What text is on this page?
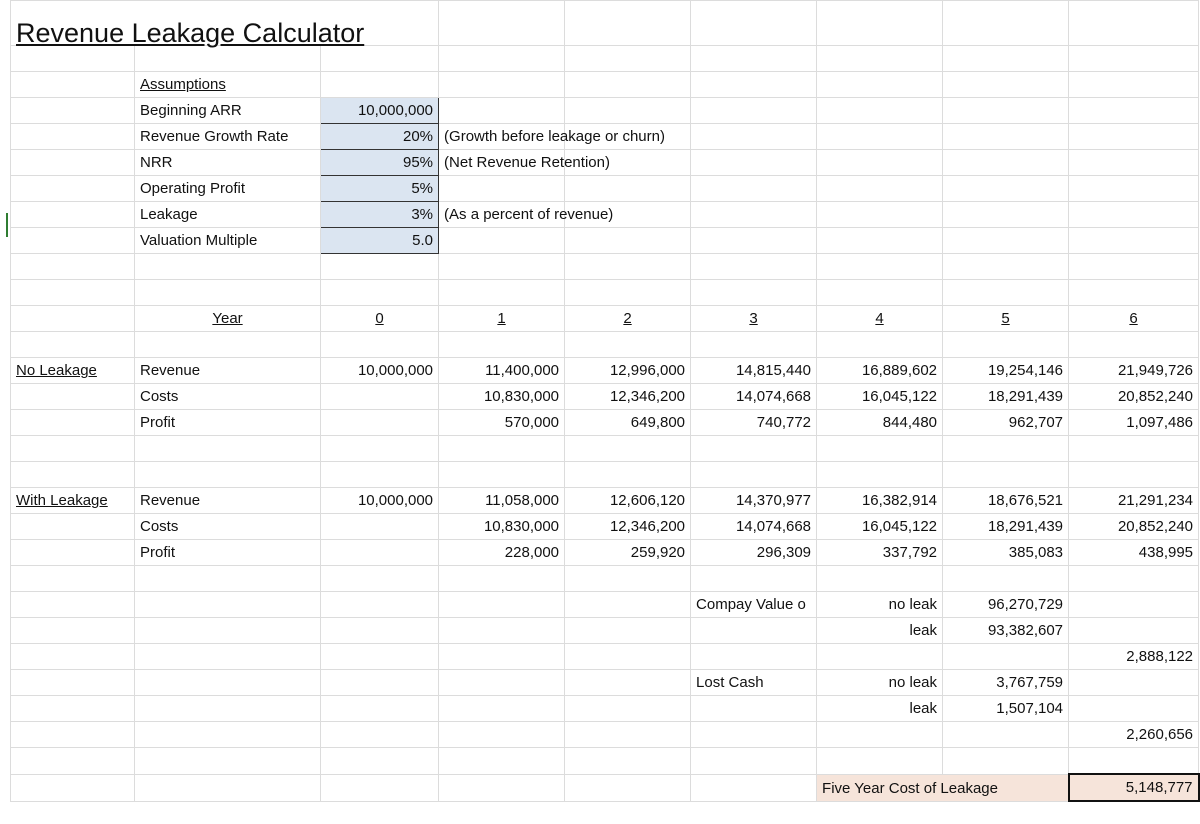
Revenue Leakage Calculator								

	Assumptions							
	Beginning ARR	10,000,000						
	Revenue Growth Rate	20%	(Growth before leakage or churn)					
	NRR	95%	(Net Revenue Retention)					
	Operating Profit	5%						
	Leakage	3%	(As a percent of revenue)					
	Valuation Multiple	5.0						

	Year	0	1	2	3	4	5	6

No Leakage	Revenue	10,000,000	11,400,000	12,996,000	14,815,440	16,889,602	19,254,146	21,949,726
	Costs		10,830,000	12,346,200	14,074,668	16,045,122	18,291,439	20,852,240
	Profit		570,000	649,800	740,772	844,480	962,707	1,097,486

With Leakage	Revenue	10,000,000	11,058,000	12,606,120	14,370,977	16,382,914	18,676,521	21,291,234
	Costs		10,830,000	12,346,200	14,074,668	16,045,122	18,291,439	20,852,240
	Profit		228,000	259,920	296,309	337,792	385,083	438,995

					Compay Value o	no leak	96,270,729	
						leak	93,382,607	
								2,888,122
					Lost Cash	no leak	3,767,759	
						leak	1,507,104	
								2,260,656

						Five Year Cost of Leakage		5,148,777
